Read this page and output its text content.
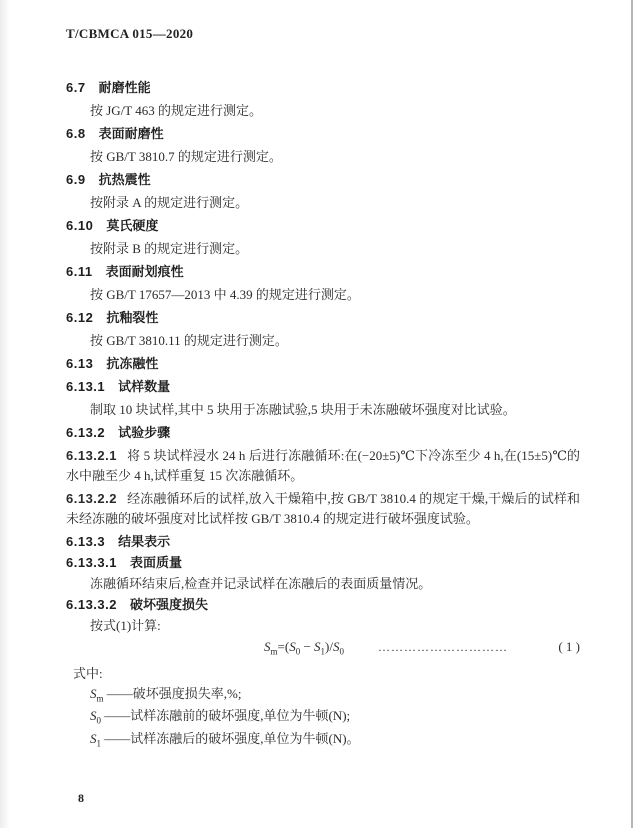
T/CBMCA 015—2020
6.7 耐磨性能

按 JG/T 463 的规定进行测定。

6.8 表面耐磨性

按 GB/T 3810.7 的规定进行测定。

6.9 抗热震性

按附录 A 的规定进行测定。

6.10 莫氏硬度

按附录 B 的规定进行测定。

6.11 表面耐划痕性

按 GB/T 17657—2013 中 4.39 的规定进行测定。

6.12 抗釉裂性

按 GB/T 3810.11 的规定进行测定。

6.13 抗冻融性
6.13.1 试样数量

制取 10 块试样,其中 5 块用于冻融试验,5 块用于未冻融破坏强度对比试验。

6.13.2 试验步骤

6.13.2.1 将 5 块试样浸水 24 h 后进行冻融循环:在(−20±5)℃下冷冻至少 4 h,在(15±5)℃的水中融至少 4 h,试样重复 15 次冻融循环。

6.13.2.2 经冻融循环后的试样,放入干燥箱中,按 GB/T 3810.4 的规定干燥,干燥后的试样和未经冻融的破坏强度对比试样按 GB/T 3810.4 的规定进行破坏强度试验。

6.13.3 结果表示
6.13.3.1 表面质量

冻融循环结束后,检查并记录试样在冻融后的表面质量情况。

6.13.3.2 破坏强度损失

按式(1)计算:

$S_m=(S_0 - S_1)/S_0$	…………………………	( 1 )

式中:

$S_m$ ——破坏强度损失率,%;
$S_0$ ——试样冻融前的破坏强度,单位为牛顿(N);
$S_1$ ——试样冻融后的破坏强度,单位为牛顿(N)。
8
